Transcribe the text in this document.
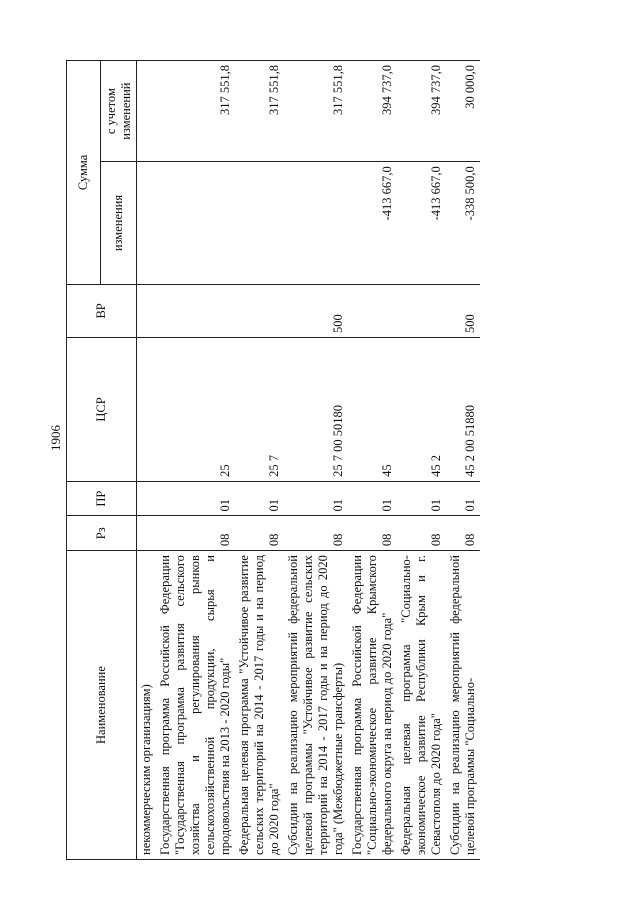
1906
Наименование	Рз	ПР	ЦСР	ВР	Сумма	
					изменения	с учетом изменений
некоммерческим организациям)						
Государственная программа Российской Федерации "Государственная программа развития сельского хозяйства и регулирования рынков сельскохозяйственной продукции, сырья и продовольствия на 2013 - 2020 годы"	08	01	25			317 551,8
Федеральная целевая программа "Устойчивое развитие сельских территорий на 2014 - 2017 годы и на период до 2020 года"	08	01	25 7			317 551,8
Субсидии на реализацию мероприятий федеральной целевой программы "Устойчивое развитие сельских территорий на 2014 - 2017 годы и на период до 2020 года" (Межбюджетные трансферты)	08	01	25 7 00 50180	500		317 551,8
Государственная программа Российской Федерации "Социально-экономическое развитие Крымского федерального округа на период до 2020 года"	08	01	45		-413 667,0	394 737,0
Федеральная целевая программа "Социально-экономическое развитие Республики Крым и г. Севастополя до 2020 года"	08	01	45 2		-413 667,0	394 737,0
Субсидии на реализацию мероприятий федеральной целевой программы "Социально-	08	01	45 2 00 51880	500	-338 500,0	30 000,0
